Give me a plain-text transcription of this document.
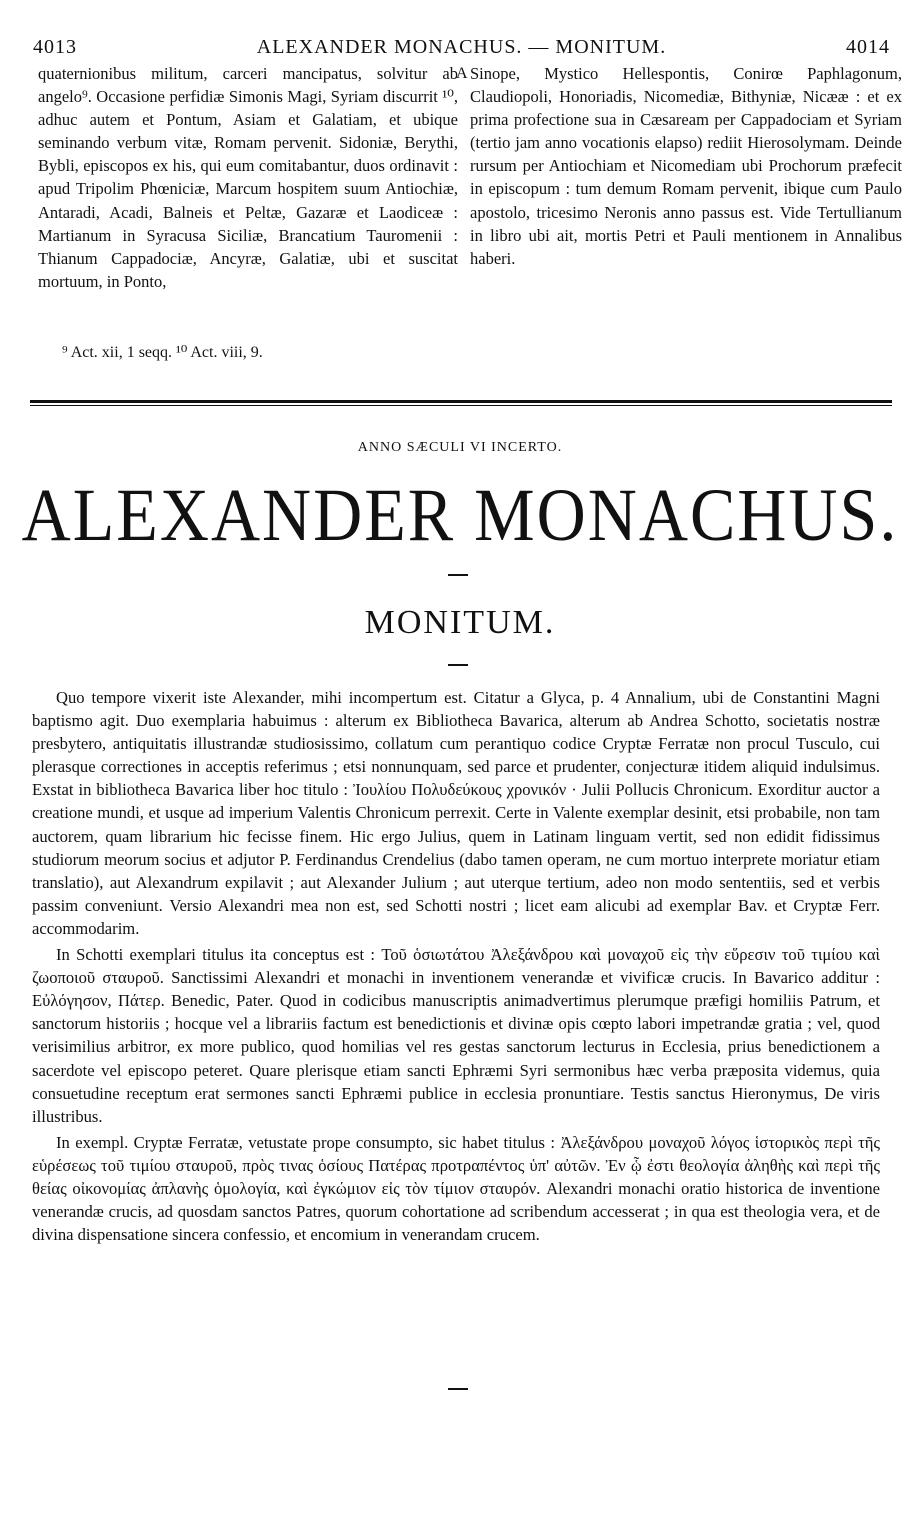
4013	ALEXANDER MONACHUS. — MONITUM.	4014

quaternionibus militum, carceri mancipatus, solvitur ab angelo⁹. Occasione perfidiæ Simonis Magi, Syriam discurrit ¹⁰, adhuc autem et Pontum, Asiam et Galatiam, et ubique seminando verbum vitæ, Romam pervenit. Sidoniæ, Berythi, Bybli, episcopos ex his, qui eum comitabantur, duos ordinavit : apud Tripolim Phœniciæ, Marcum hospitem suum Antiochiæ, Antaradi, Acadi, Balneis et Peltæ, Gazaræ et Laodiceæ : Martianum in Syracusa Siciliæ, Brancatium Tauromenii : Thianum Cappadociæ, Ancyræ, Galatiæ, ubi et suscitat mortuum, in Ponto,

A Sinope, Mystico Hellespontis, Conirœ Paphlagonum, Claudiopoli, Honoriadis, Nicomediæ, Bithyniæ, Nicææ : et ex prima profectione sua in Cæsaream per Cappadociam et Syriam (tertio jam anno vocationis elapso) rediit Hierosolymam. Deinde rursum per Antiochiam et Nicomediam ubi Prochorum præfecit in episcopum : tum demum Romam pervenit, ibique cum Paulo apostolo, tricesimo Neronis anno passus est. Vide Tertullianum in libro ubi ait, mortis Petri et Pauli mentionem in Annalibus haberi.

⁹ Act. xii, 1 seqq. ¹⁰ Act. viii, 9.
ANNO SÆCULI VI INCERTO.
ALEXANDER MONACHUS.
MONITUM.

Quo tempore vixerit iste Alexander, mihi incompertum est. Citatur a Glyca, p. 4 Annalium, ubi de Constantini Magni baptismo agit. Duo exemplaria habuimus : alterum ex Bibliotheca Bavarica, alterum ab Andrea Schotto, societatis nostræ presbytero, antiquitatis illustrandæ studiosissimo, collatum cum perantiquo codice Cryptæ Ferratæ non procul Tusculo, cui plerasque correctiones in acceptis referimus ; etsi nonnunquam, sed parce et prudenter, conjecturæ itidem aliquid indulsimus. Exstat in bibliotheca Bavarica liber hoc titulo : Ἰουλίου Πολυδεύκους χρονικόν · Julii Pollucis Chronicum. Exorditur auctor a creatione mundi, et usque ad imperium Valentis Chronicum perrexit. Certe in Valente exemplar desinit, etsi probabile, non tam auctorem, quam librarium hic fecisse finem. Hic ergo Julius, quem in Latinam linguam vertit, sed non edidit fidissimus studiorum meorum socius et adjutor P. Ferdinandus Crendelius (dabo tamen operam, ne cum mortuo interprete moriatur etiam translatio), aut Alexandrum expilavit ; aut Alexander Julium ; aut uterque tertium, adeo non modo sententiis, sed et verbis passim conveniunt. Versio Alexandri mea non est, sed Schotti nostri ; licet eam alicubi ad exemplar Bav. et Cryptæ Ferr. accommodarim.

In Schotti exemplari titulus ita conceptus est : Τοῦ ὁσιωτάτου Ἀλεξάνδρου καὶ μοναχοῦ εἰς τὴν εὕρεσιν τοῦ τιμίου καὶ ζωοποιοῦ σταυροῦ. Sanctissimi Alexandri et monachi in inventionem venerandæ et vivificæ crucis. In Bavarico additur : Εὐλόγησον, Πάτερ. Benedic, Pater. Quod in codicibus manuscriptis animadvertimus plerumque præfigi homiliis Patrum, et sanctorum historiis ; hocque vel a librariis factum est benedictionis et divinæ opis cœpto labori impetrandæ gratia ; vel, quod verisimilius arbitror, ex more publico, quod homilias vel res gestas sanctorum lecturus in Ecclesia, prius benedictionem a sacerdote vel episcopo peteret. Quare plerisque etiam sancti Ephræmi Syri sermonibus hæc verba præposita videmus, quia consuetudine receptum erat sermones sancti Ephræmi publice in ecclesia pronuntiare. Testis sanctus Hieronymus, De viris illustribus.

In exempl. Cryptæ Ferratæ, vetustate prope consumpto, sic habet titulus : Ἀλεξάνδρου μοναχοῦ λόγος ἱστορικὸς περὶ τῆς εὑρέσεως τοῦ τιμίου σταυροῦ, πρὸς τινας ὁσίους Πατέρας προτραπέντος ὑπ' αὐτῶν. Ἐν ᾧ ἐστι θεολογία ἀληθὴς καὶ περὶ τῆς θείας οἰκονομίας ἀπλανὴς ὁμολογία, καὶ ἐγκώμιον εἰς τὸν τίμιον σταυρόν. Alexandri monachi oratio historica de inventione venerandæ crucis, ad quosdam sanctos Patres, quorum cohortatione ad scribendum accesserat ; in qua est theologia vera, et de divina dispensatione sincera confessio, et encomium in venerandam crucem.
